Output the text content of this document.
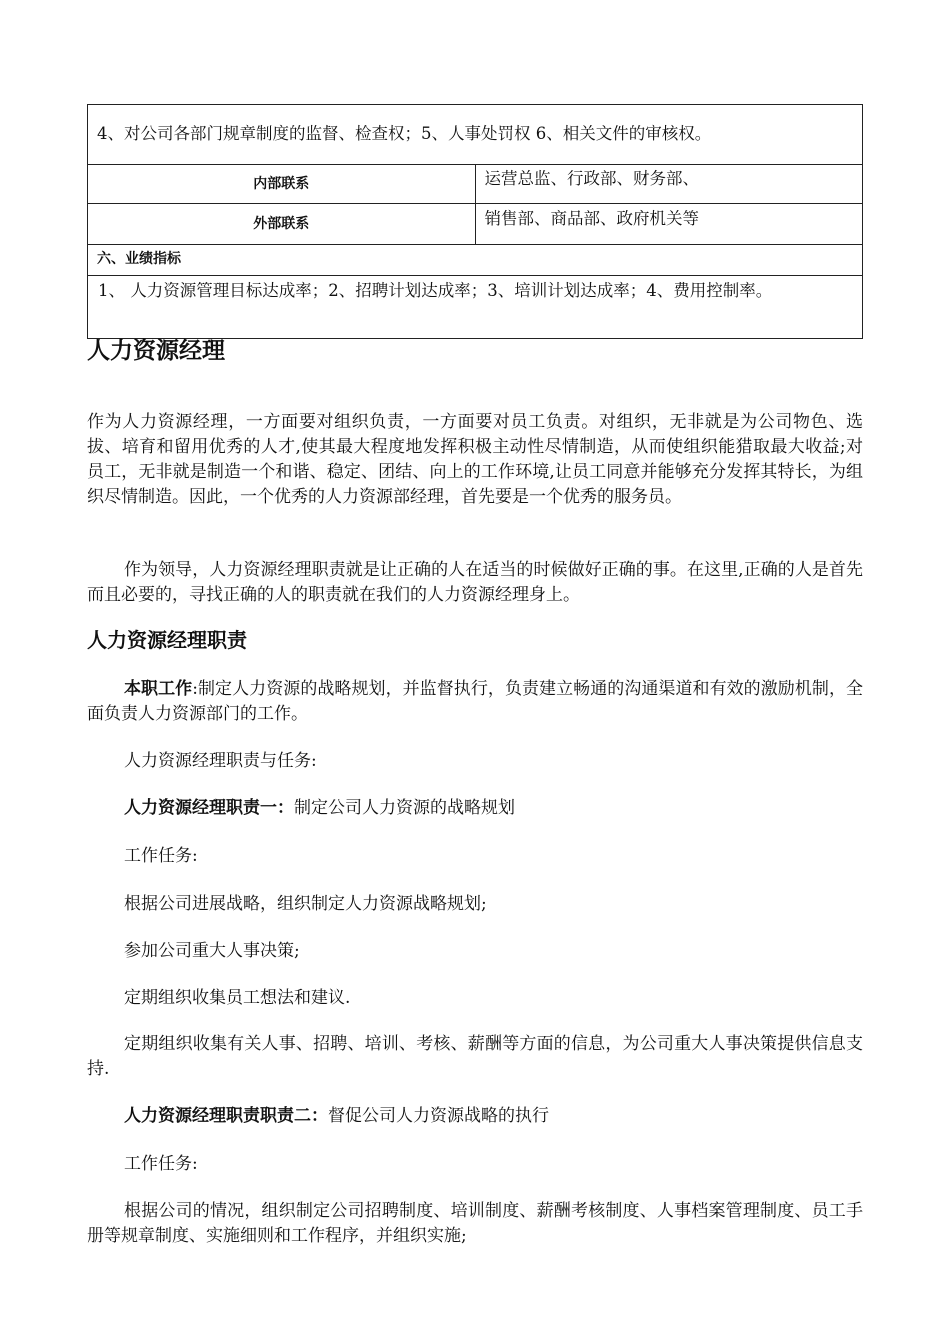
4、对公司各部门规章制度的监督、检查权；5、人事处罚权 6、相关文件的审核权。	
内部联系	运营总监、行政部、财务部、
外部联系	销售部、商品部、政府机关等
六、业绩指标	

1、 人力资源管理目标达成率；2、招聘计划达成率；3、培训计划达成率；4、费用控制率。	
人力资源经理

作为人力资源经理，一方面要对组织负责，一方面要对员工负责。对组织，无非就是为公司物色、选拔、培育和留用优秀的人才,使其最大程度地发挥积极主动性尽情制造，从而使组织能猎取最大收益;对员工，无非就是制造一个和谐、稳定、团结、向上的工作环境,让员工同意并能够充分发挥其特长，为组织尽情制造。因此，一个优秀的人力资源部经理，首先要是一个优秀的服务员。

作为领导，人力资源经理职责就是让正确的人在适当的时候做好正确的事。在这里,正确的人是首先而且必要的，寻找正确的人的职责就在我们的人力资源经理身上。

人力资源经理职责

本职工作:制定人力资源的战略规划，并监督执行，负责建立畅通的沟通渠道和有效的激励机制，全面负责人力资源部门的工作。

人力资源经理职责与任务:

人力资源经理职责一：制定公司人力资源的战略规划

工作任务:

根据公司进展战略，组织制定人力资源战略规划;

参加公司重大人事决策;

定期组织收集员工想法和建议.

定期组织收集有关人事、招聘、培训、考核、薪酬等方面的信息，为公司重大人事决策提供信息支持.

人力资源经理职责职责二：督促公司人力资源战略的执行

工作任务:

根据公司的情况，组织制定公司招聘制度、培训制度、薪酬考核制度、人事档案管理制度、员工手册等规章制度、实施细则和工作程序，并组织实施;
